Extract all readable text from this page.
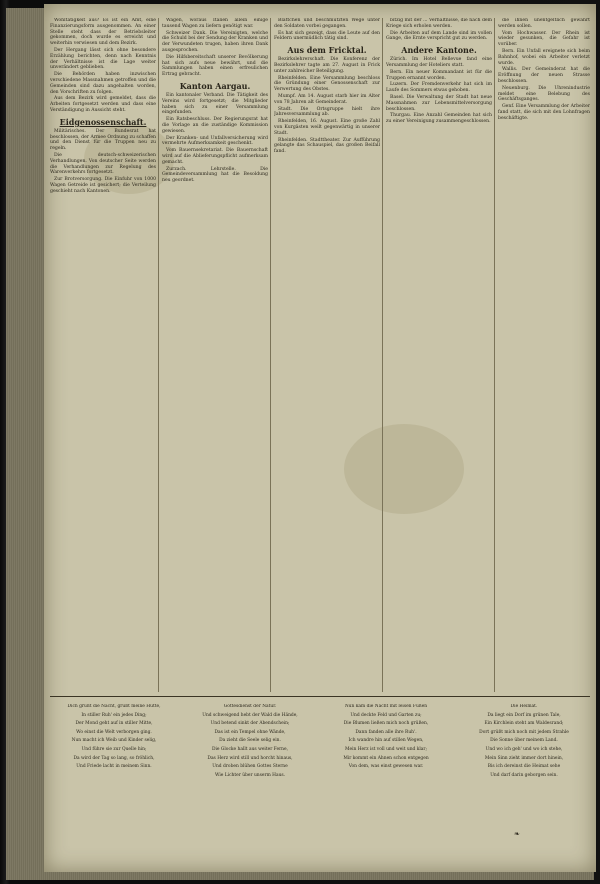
Wohltätigkeit aus? Es ist ein Amt, eine Finanzierungsform ausgenommen. An einer Stelle steht dass der Betriebsleiter gekommen, doch wurde es erreicht und weiterhin verwiesen und dem Bezirk.

Der Hergang lässt sich ohne besondere Erzählung berichten, denn nach Kenntnis der Verhältnisse ist die Lage weiter unverändert geblieben.

Die Behörden haben inzwischen verschiedene Massnahmen getroffen und die Gemeinden sind dazu angehalten worden, den Vorschriften zu folgen.

Aus dem Bezirk wird gemeldet, dass die Arbeiten fortgesetzt werden und dass eine Verständigung in Aussicht steht.

Eidgenossenschaft.

Militärisches. Der Bundesrat hat beschlossen, der Armee Ordnung zu schaffen und den Dienst für die Truppen neu zu regeln.

Die deutsch-schweizerischen Verhandlungen. Von deutscher Seite werden die Verhandlungen zur Regelung des Warenverkehrs fortgesetzt.

Zur Brotversorgung. Die Einfuhr von 1000 Wagen Getreide ist gesichert; die Verteilung geschieht nach Kantonen.

Wagen, woraus Italien allein einige tausend Wagen zu liefern genötigt war.

Schweizer Dank. Die Vereinigten, welche die Schuld bei der Sendung der Kranken und der Verwundeten trugen, haben ihren Dank ausgesprochen.

Die Hilfsbereitschaft unserer Bevölkerung hat sich aufs neue bewährt, und die Sammlungen haben einen erfreulichen Ertrag gebracht.

Kanton Aargau.

Ein kantonaler Verband. Die Tätigkeit des Vereins wird fortgesetzt; die Mitglieder haben sich zu einer Versammlung eingefunden.

Ein Ratsbeschluss. Der Regierungsrat hat die Vorlage an die zuständige Kommission gewiesen.

Der Kranken- und Unfallversicherung wird vermehrte Aufmerksamkeit geschenkt.

Vom Bauernsekretariat. Die Bauernschaft wird auf die Ablieferungspflicht aufmerksam gemacht.

Zurzach. Lehrstelle. Die Gemeindeversammlung hat die Besoldung neu geordnet.

Blättchen und beschmutzten Wege unter den Soldaten vorbei gegangen.

Es hat sich gezeigt, dass die Leute auf den Feldern unermüdlich tätig sind.

Aus dem Fricktal.

Bezirkslehrerschaft. Die Konferenz der Bezirkslehrer tagte am 27. August in Frick unter zahlreicher Beteiligung.

Rheinfelden. Eine Versammlung beschloss die Gründung einer Genossenschaft zur Verwertung des Obstes.

Mumpf. Am 14. August starb hier im Alter von 78 Jahren alt Gemeinderat.

Stadt. Die Ortsgruppe hielt ihre Jahresversammlung ab.

Rheinfelden, 16. August. Eine große Zahl von Kurgästen weilt gegenwärtig in unserer Stadt.

Rheinfelden. Stadttheater. Zur Aufführung gelangte das Schauspiel, das großen Beifall fand.

bitzig mit der ... Verhältnisse, die nach dem Kriege sich erholen werden.

Die Arbeiten auf dem Lande sind im vollen Gange, die Ernte verspricht gut zu werden.

Andere Kantone.

Zürich. Im Hotel Bellevue fand eine Versammlung der Hoteliers statt.

Bern. Ein neuer Kommandant ist für die Truppen ernannt worden.

Luzern. Der Fremdenverkehr hat sich im Laufe des Sommers etwas gehoben.

Basel. Die Verwaltung der Stadt hat neue Massnahmen zur Lebensmittelversorgung beschlossen.

Thurgau. Eine Anzahl Gemeinden hat sich zu einer Vereinigung zusammengeschlossen.

die ihnen unentgeltlich gewährt werden sollen.

Vom Hochwasser. Der Rhein ist wieder gesunken, die Gefahr ist vorüber.

Bern. Ein Unfall ereignete sich beim Bahnhof, wobei ein Arbeiter verletzt wurde.

Wallis. Der Gemeinderat hat die Eröffnung der neuen Strasse beschlossen.

Neuenburg. Die Uhrenindustrie meldet eine Belebung des Geschäftsganges.

Genf. Eine Versammlung der Arbeiter fand statt, die sich mit den Lohnfragen beschäftigte.

Dich grüßt die Nacht, grüßt meine Hütte,

In stiller Ruh' ein jedes Ding;

Der Mond geht auf in stiller Mitte,

Wo einst die Welt verborgen ging.

Nun macht ich Weib und Kinder selig,

Und führe sie zur Quelle hin;

Da wird der Tag so lang, so fröhlich,

Und Friede lacht in meinem Sinn.

Gottesdienst der Natur.

Und schweigend hebt der Wald die Hände,

Und betend sinkt der Abendschein;

Das ist ein Tempel ohne Wände,

Da zieht die Seele selig ein.

Die Glocke hallt aus weiter Ferne,

Das Herz wird still und horcht hinaus,

Und droben blühen Gottes Sterne

Wie Lichter über unserm Haus.

Nun kam die Nacht mit leisen Füßen

Und deckte Feld und Garten zu;

Die Blumen ließen mich noch grüßen,

Dann fanden alle ihre Ruh'.

Ich wandre hin auf stillen Wegen,

Mein Herz ist voll und weit und klar;

Mir kommt ein Ahnen schon entgegen

Von dem, was einst gewesen war.

Die Heimat.

Da liegt ein Dorf im grünen Tale,

Ein Kirchlein steht am Waldesrand;

Dort grüßt mich noch mit jedem Strahle

Die Sonne über meinem Land.

Und wo ich geh' und wo ich stehe,

Mein Sinn zieht immer dort hinein,

Bis ich dereinst die Heimat sehe

Und darf darin geborgen sein.

❧
